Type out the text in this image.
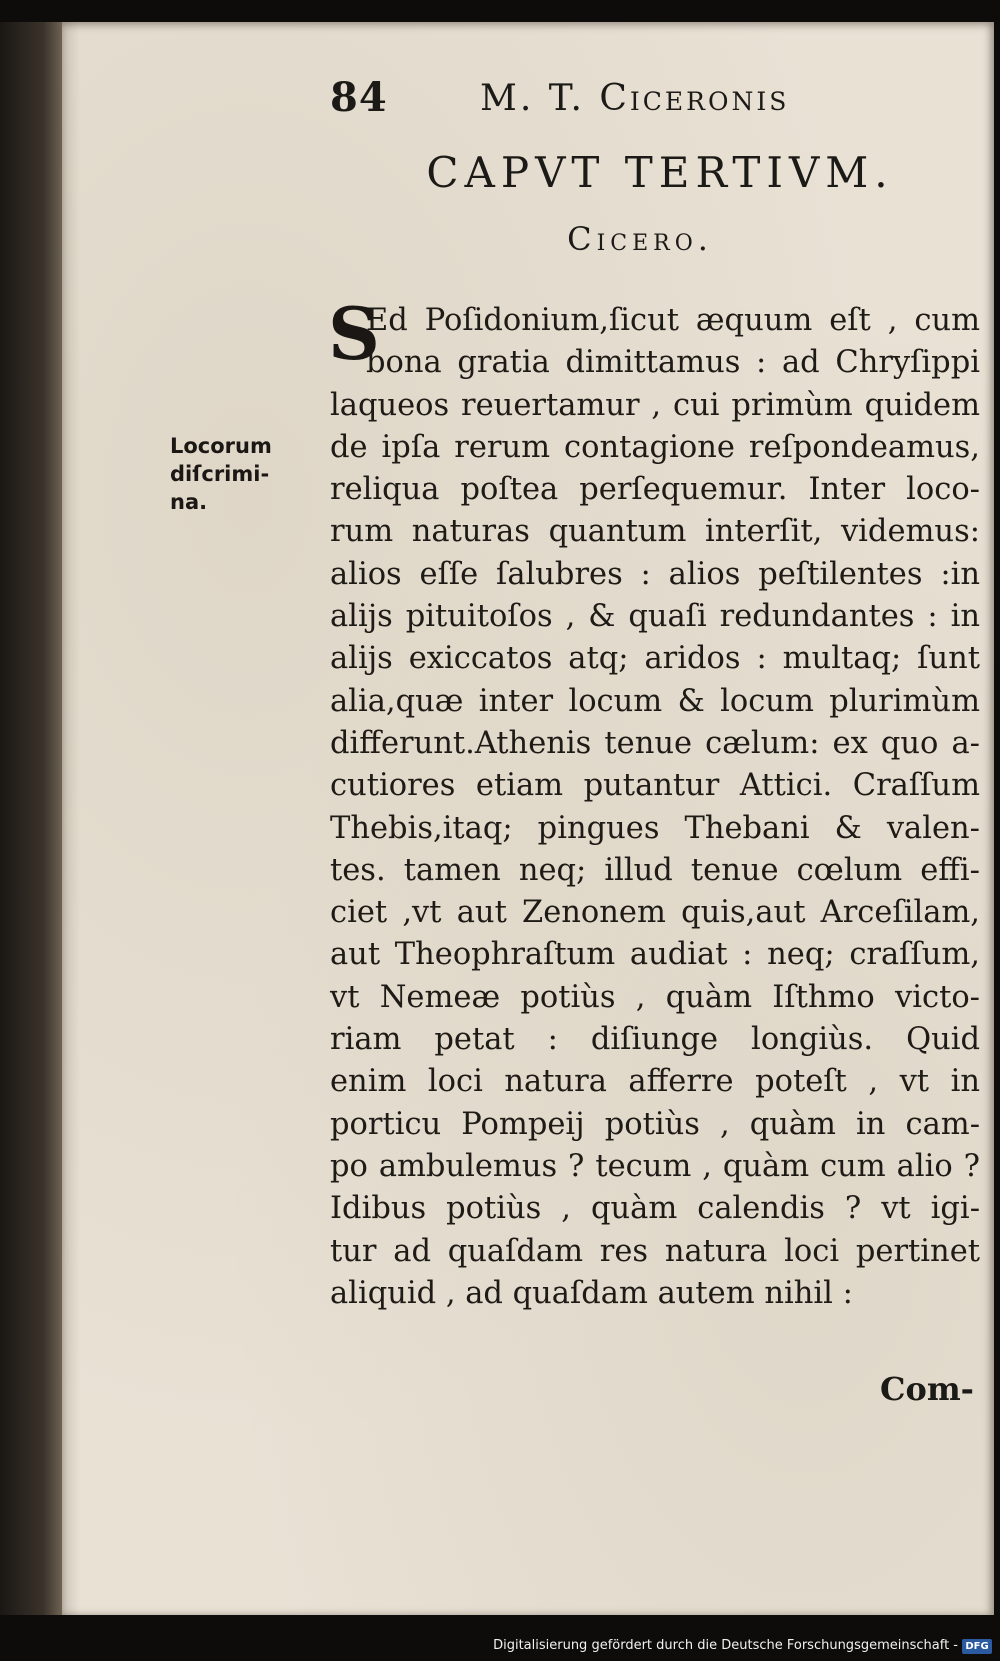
84	M. T. Ciceronis
CAPVT TERTIVM.
Cicero.
Locorum
diſcrimi-
na.
S
Ed Poſidonium,ſicut æquum eſt , cum
bona gratia dimittamus : ad Chryſippi
laqueos reuertamur , cui primùm quidem
de ipſa rerum contagione reſpondeamus,
reliqua poſtea perſequemur. Inter loco-
rum naturas quantum interſit, videmus:
alios eſſe ſalubres : alios peſtilentes :in
alijs pituitoſos , & quaſi redundantes : in
alijs exiccatos atq; aridos : multaq; ſunt
alia,quæ inter locum & locum plurimùm
differunt.Athenis tenue cælum: ex quo a-
cutiores etiam putantur Attici. Craſſum
Thebis,itaq; pingues Thebani & valen-
tes. tamen neq; illud tenue cœlum effi-
ciet ,vt aut Zenonem quis,aut Arceſilam,
aut Theophraſtum audiat : neq; craſſum,
vt Nemeæ potiùs , quàm Iſthmo victo-
riam petat : diſiunge longiùs. Quid
enim loci natura afferre poteſt , vt in
porticu Pompeij potiùs , quàm in cam-
po ambulemus ? tecum , quàm cum alio ?
Idibus potiùs , quàm calendis ? vt igi-
tur ad quaſdam res natura loci pertinet
aliquid , ad quaſdam autem nihil :
Com-
Digitalisierung gefördert durch die Deutsche Forschungsgemeinschaft - DFG
